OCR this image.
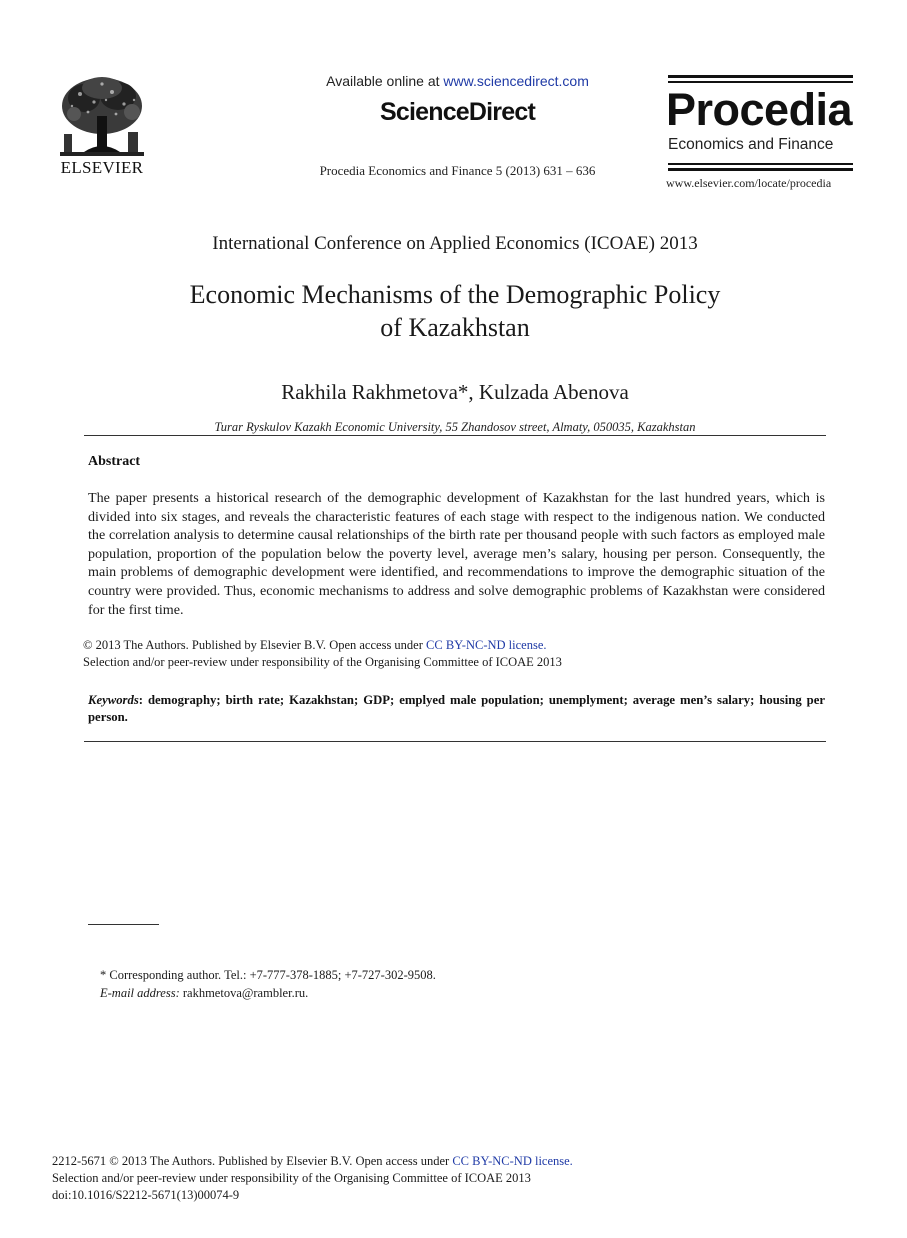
ELSEVIER
Available online at www.sciencedirect.com
ScienceDirect
Procedia Economics and Finance 5 (2013) 631 – 636
Procedia
Economics and Finance
www.elsevier.com/locate/procedia
International Conference on Applied Economics (ICOAE) 2013
Economic Mechanisms of the Demographic Policy
of Kazakhstan
Rakhila Rakhmetova*, Kulzada Abenova
Turar Ryskulov Kazakh Economic University, 55 Zhandosov street, Almaty, 050035, Kazakhstan
Abstract
The paper presents a historical research of the demographic development of Kazakhstan for the last hundred years, which is divided into six stages, and reveals the characteristic features of each stage with respect to the indigenous nation. We conducted the correlation analysis to determine causal relationships of the birth rate per thousand people with such factors as employed male population, proportion of the population below the poverty level, average men’s salary, housing per person. Consequently, the main problems of demographic development were identified, and recommendations to improve the demographic situation of the country were provided. Thus, economic mechanisms to address and solve demographic problems of Kazakhstan were considered for the first time.
© 2013 The Authors. Published by Elsevier B.V. Open access under CC BY-NC-ND license.
Selection and/or peer-review under responsibility of the Organising Committee of ICOAE 2013
Keywords: demography; birth rate; Kazakhstan; GDP; emplyed male population; unemplyment; average men’s salary; housing per person.
* Corresponding author. Tel.: +7-777-378-1885; +7-727-302-9508.
E-mail address: rakhmetova@rambler.ru.
2212-5671 © 2013 The Authors. Published by Elsevier B.V. Open access under CC BY-NC-ND license.
Selection and/or peer-review under responsibility of the Organising Committee of ICOAE 2013
doi:10.1016/S2212-5671(13)00074-9
